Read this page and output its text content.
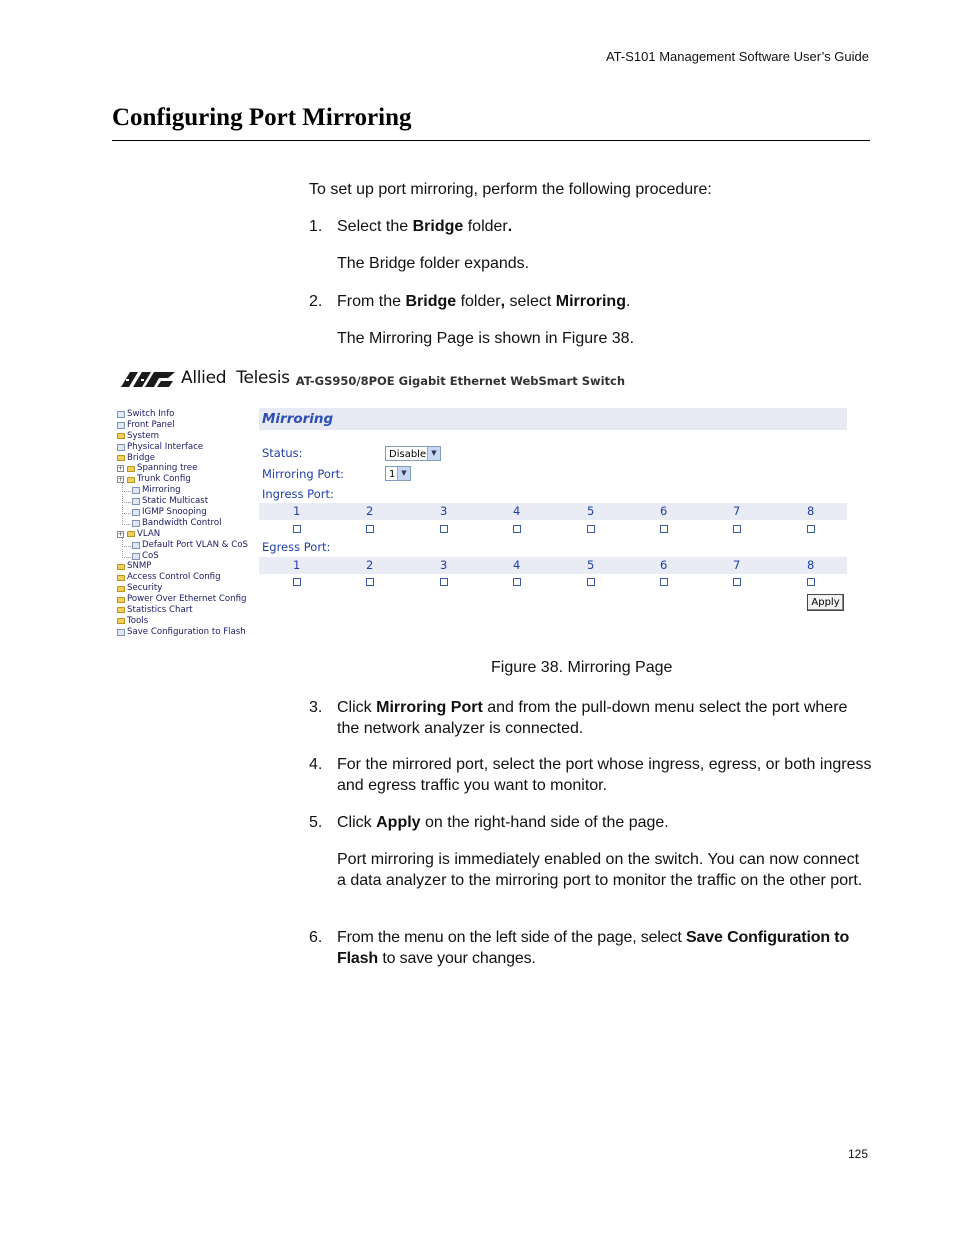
AT-S101 Management Software User’s Guide
Configuring Port Mirroring
To set up port mirroring, perform the following procedure:
1. Select the Bridge folder.
The Bridge folder expands.
2. From the Bridge folder, select Mirroring.
The Mirroring Page is shown in Figure 38.
Allied Telesis AT-GS950/8POE Gigabit Ethernet WebSmart Switch
Switch Info
Front Panel
System
Physical Interface
Bridge
+ Spanning tree
+ Trunk Config
Mirroring
Static Multicast
IGMP Snooping
Bandwidth Control
+ VLAN
Default Port VLAN & CoS
CoS
SNMP
Access Control Config
Security
Power Over Ethernet Config
Statistics Chart
Tools
Save Configuration to Flash
Mirroring
Status:	Disable ▼
Mirroring Port:	1 ▼
Ingress Port:
1	2	3	4	5	6	7	8
Egress Port:
1	2	3	4	5	6	7	8
Apply
Figure 38. Mirroring Page
3. Click Mirroring Port and from the pull-down menu select the port where the network analyzer is connected.
4. For the mirrored port, select the port whose ingress, egress, or both ingress and egress traffic you want to monitor.
5. Click Apply on the right-hand side of the page.
Port mirroring is immediately enabled on the switch. You can now connect a data analyzer to the mirroring port to monitor the traffic on the other port.
6. From the menu on the left side of the page, select Save Configuration to Flash to save your changes.
125
